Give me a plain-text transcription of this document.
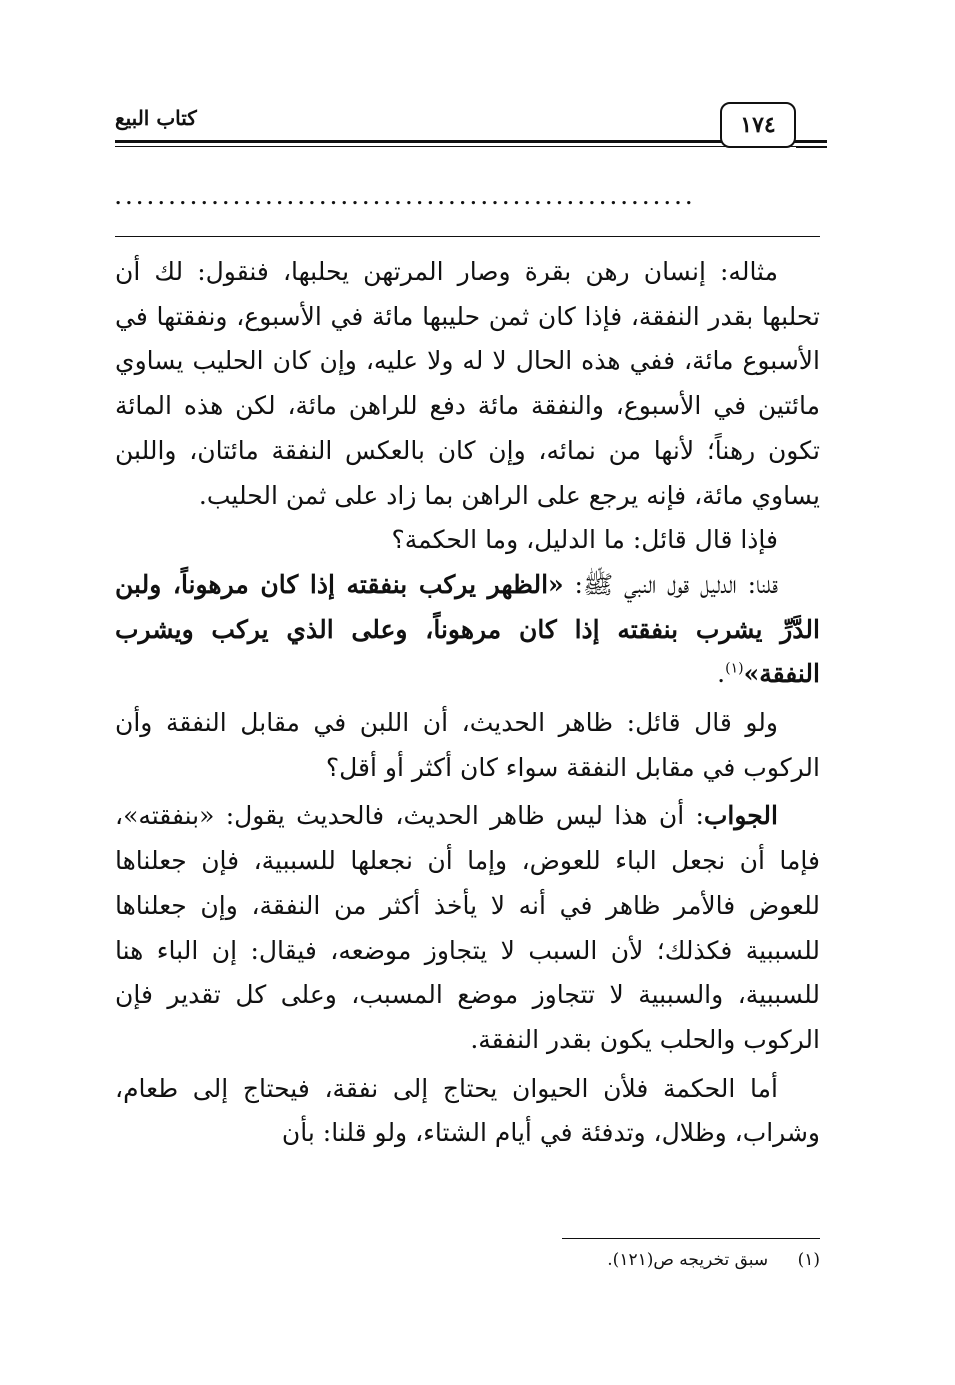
كتاب البيع	١٧٤
......................................................

مثاله: إنسان رهن بقرة وصار المرتهن يحلبها، فنقول: لك أن تحلبها بقدر النفقة، فإذا كان ثمن حليبها مائة في الأسبوع، ونفقتها في الأسبوع مائة، ففي هذه الحال لا له ولا عليه، وإن كان الحليب يساوي مائتين في الأسبوع، والنفقة مائة دفع للراهن مائة، لكن هذه المائة تكون رهناً؛ لأنها من نمائه، وإن كان بالعكس النفقة مائتان، واللبن يساوي مائة، فإنه يرجع على الراهن بما زاد على ثمن الحليب.

فإذا قال قائل: ما الدليل، وما الحكمة؟

قلنا: الدليل قول النبي ﷺ: «الظهر يركب بنفقته إذا كان مرهوناً، ولبن الدَّرِّ يشرب بنفقته إذا كان مرهوناً، وعلى الذي يركب ويشرب النفقة»$^{(١)}$.

ولو قال قائل: ظاهر الحديث، أن اللبن في مقابل النفقة وأن الركوب في مقابل النفقة سواء كان أكثر أو أقل؟

الجواب: أن هذا ليس ظاهر الحديث، فالحديث يقول: «بنفقته»، فإما أن نجعل الباء للعوض، وإما أن نجعلها للسببية، فإن جعلناها للعوض فالأمر ظاهر في أنه لا يأخذ أكثر من النفقة، وإن جعلناها للسببية فكذلك؛ لأن السبب لا يتجاوز موضعه، فيقال: إن الباء هنا للسببية، والسببية لا تتجاوز موضع المسبب، وعلى كل تقدير فإن الركوب والحلب يكون بقدر النفقة.

أما الحكمة فلأن الحيوان يحتاج إلى نفقة، فيحتاج إلى طعام، وشراب، وظلال، وتدفئة في أيام الشتاء، ولو قلنا: بأن

(١) سبق تخريجه ص(١٢١).
